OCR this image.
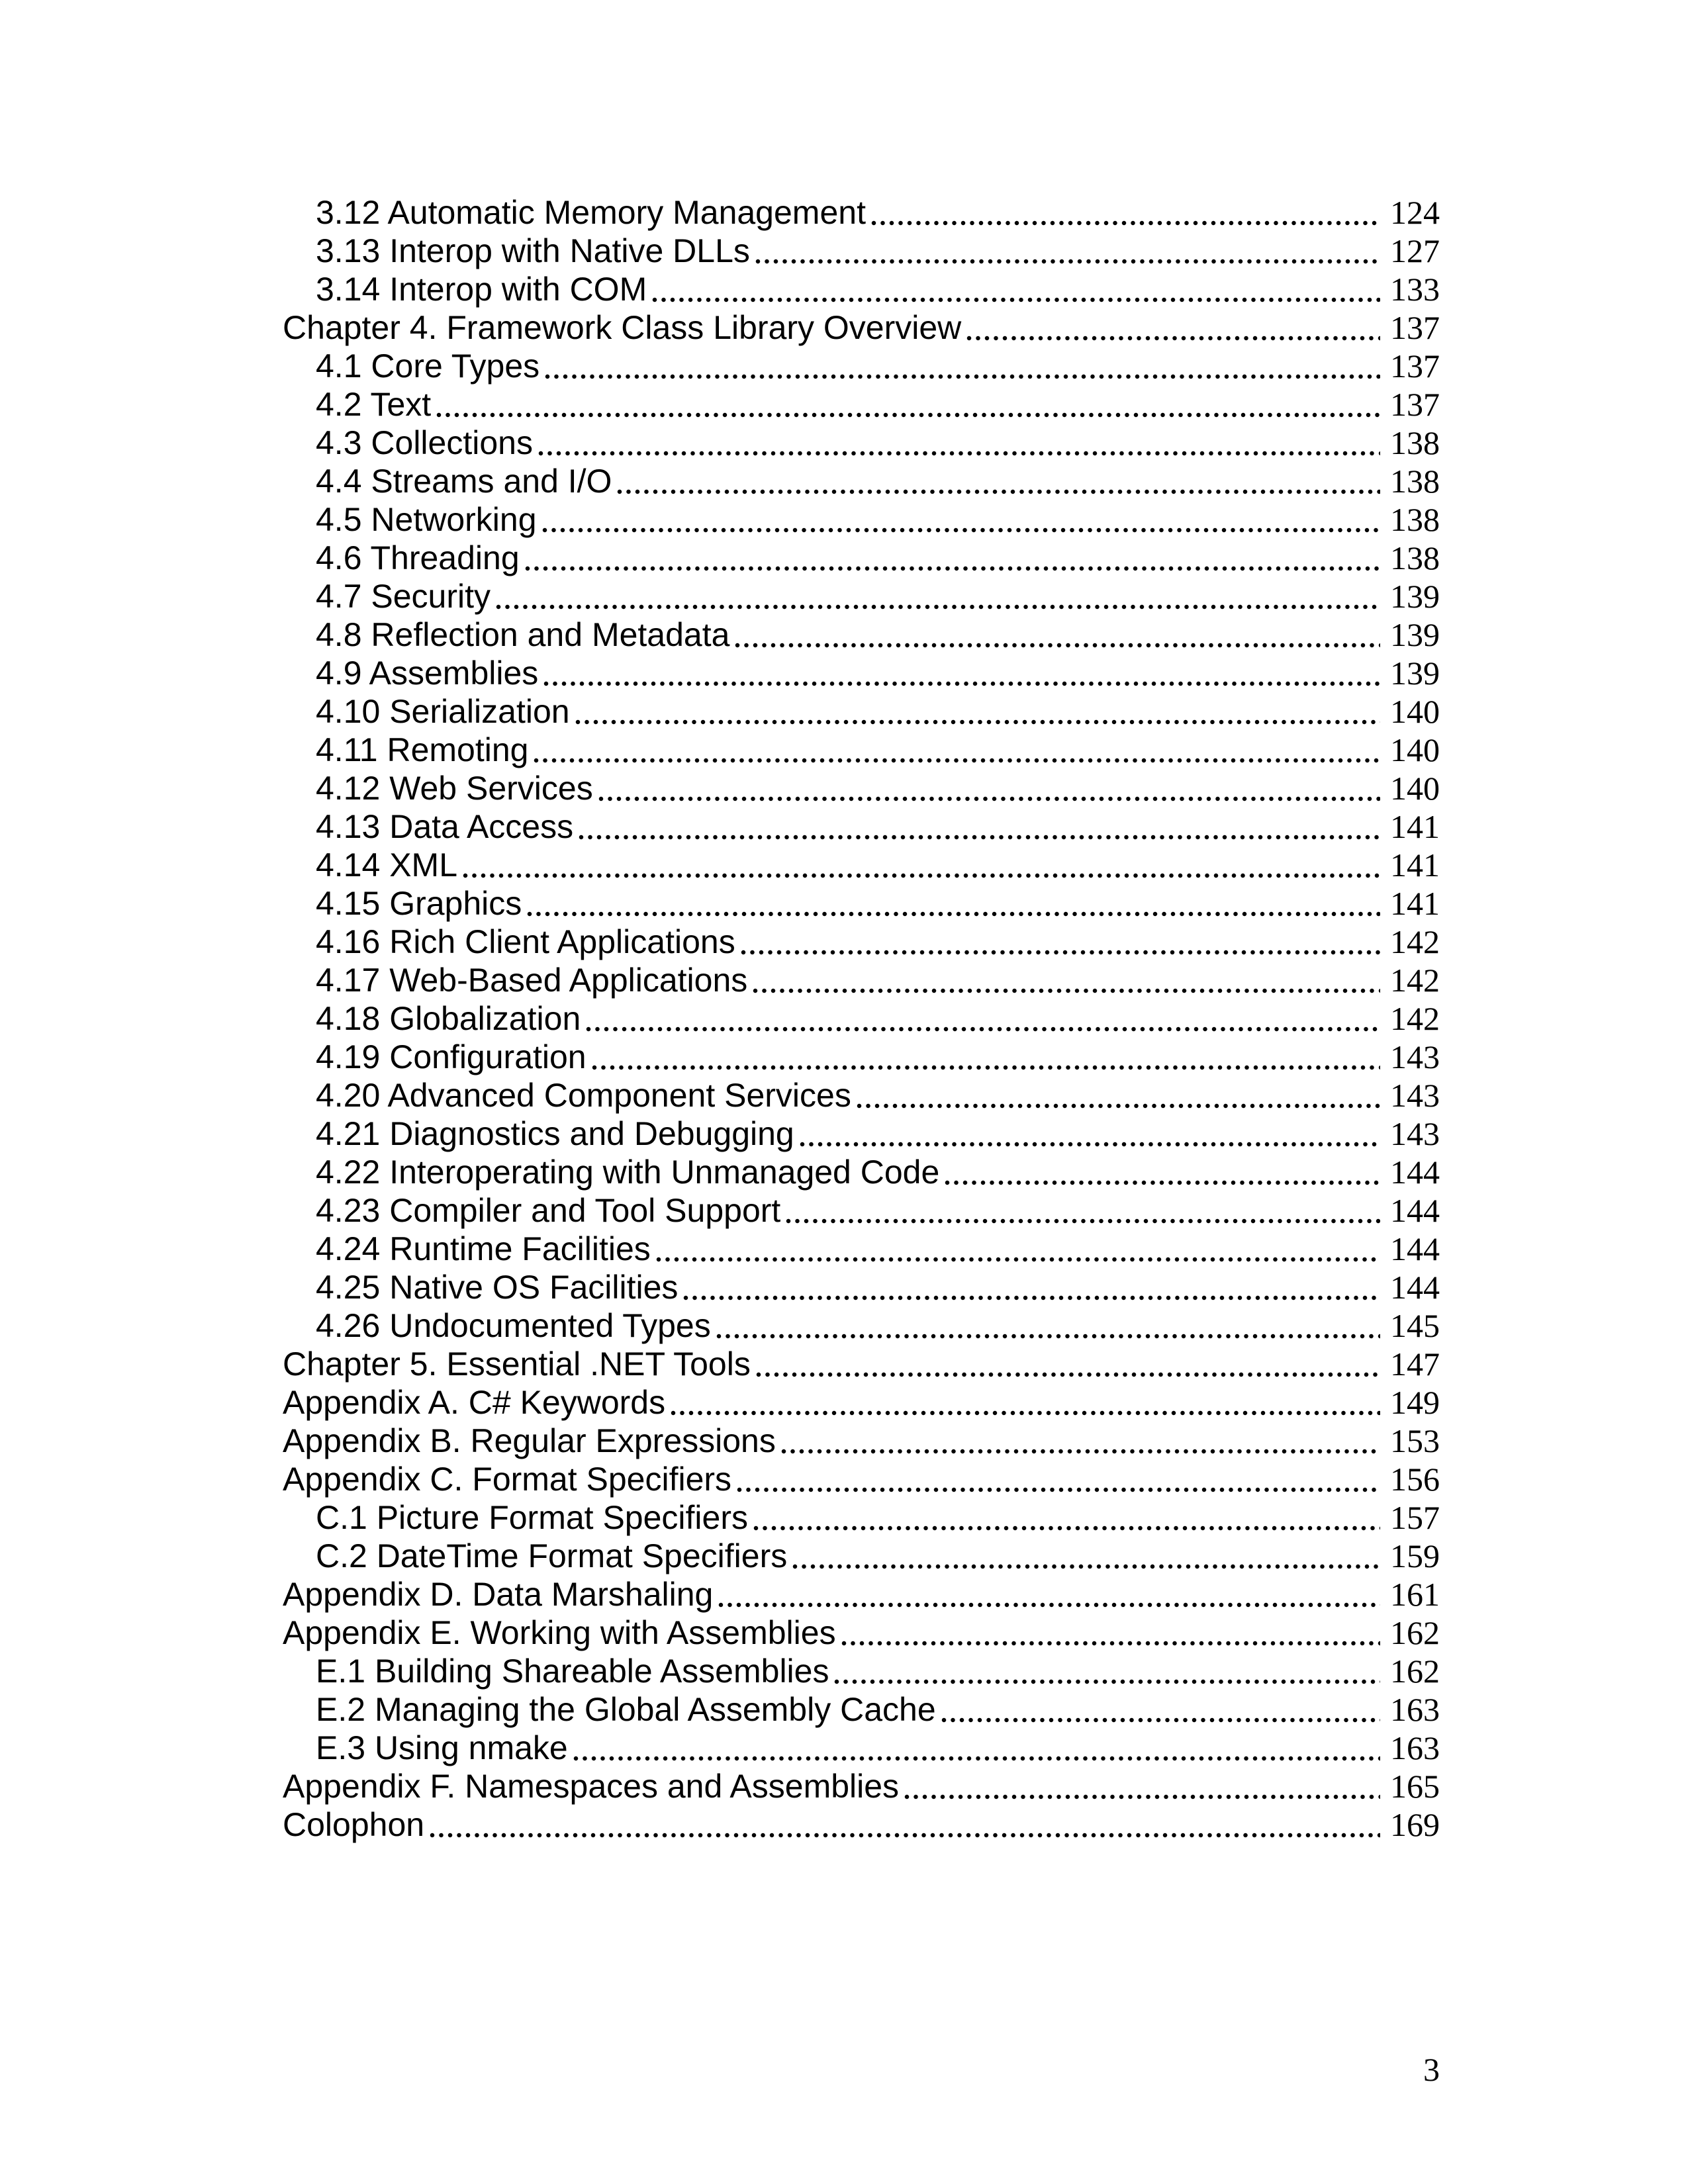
3.12 Automatic Memory Management	124
3.13 Interop with Native DLLs	127
3.14 Interop with COM	133
Chapter 4. Framework Class Library Overview	137
4.1 Core Types	137
4.2 Text	137
4.3 Collections	138
4.4 Streams and I/O	138
4.5 Networking	138
4.6 Threading	138
4.7 Security	139
4.8 Reflection and Metadata	139
4.9 Assemblies	139
4.10 Serialization	140
4.11 Remoting	140
4.12 Web Services	140
4.13 Data Access	141
4.14 XML	141
4.15 Graphics	141
4.16 Rich Client Applications	142
4.17 Web-Based Applications	142
4.18 Globalization	142
4.19 Configuration	143
4.20 Advanced Component Services	143
4.21 Diagnostics and Debugging	143
4.22 Interoperating with Unmanaged Code	144
4.23 Compiler and Tool Support	144
4.24 Runtime Facilities	144
4.25 Native OS Facilities	144
4.26 Undocumented Types	145
Chapter 5. Essential .NET Tools	147
Appendix A. C# Keywords	149
Appendix B. Regular Expressions	153
Appendix C. Format Specifiers	156
C.1 Picture Format Specifiers	157
C.2 DateTime Format Specifiers	159
Appendix D. Data Marshaling	161
Appendix E. Working with Assemblies	162
E.1 Building Shareable Assemblies	162
E.2 Managing the Global Assembly Cache	163
E.3 Using nmake	163
Appendix F. Namespaces and Assemblies	165
Colophon	169
3
